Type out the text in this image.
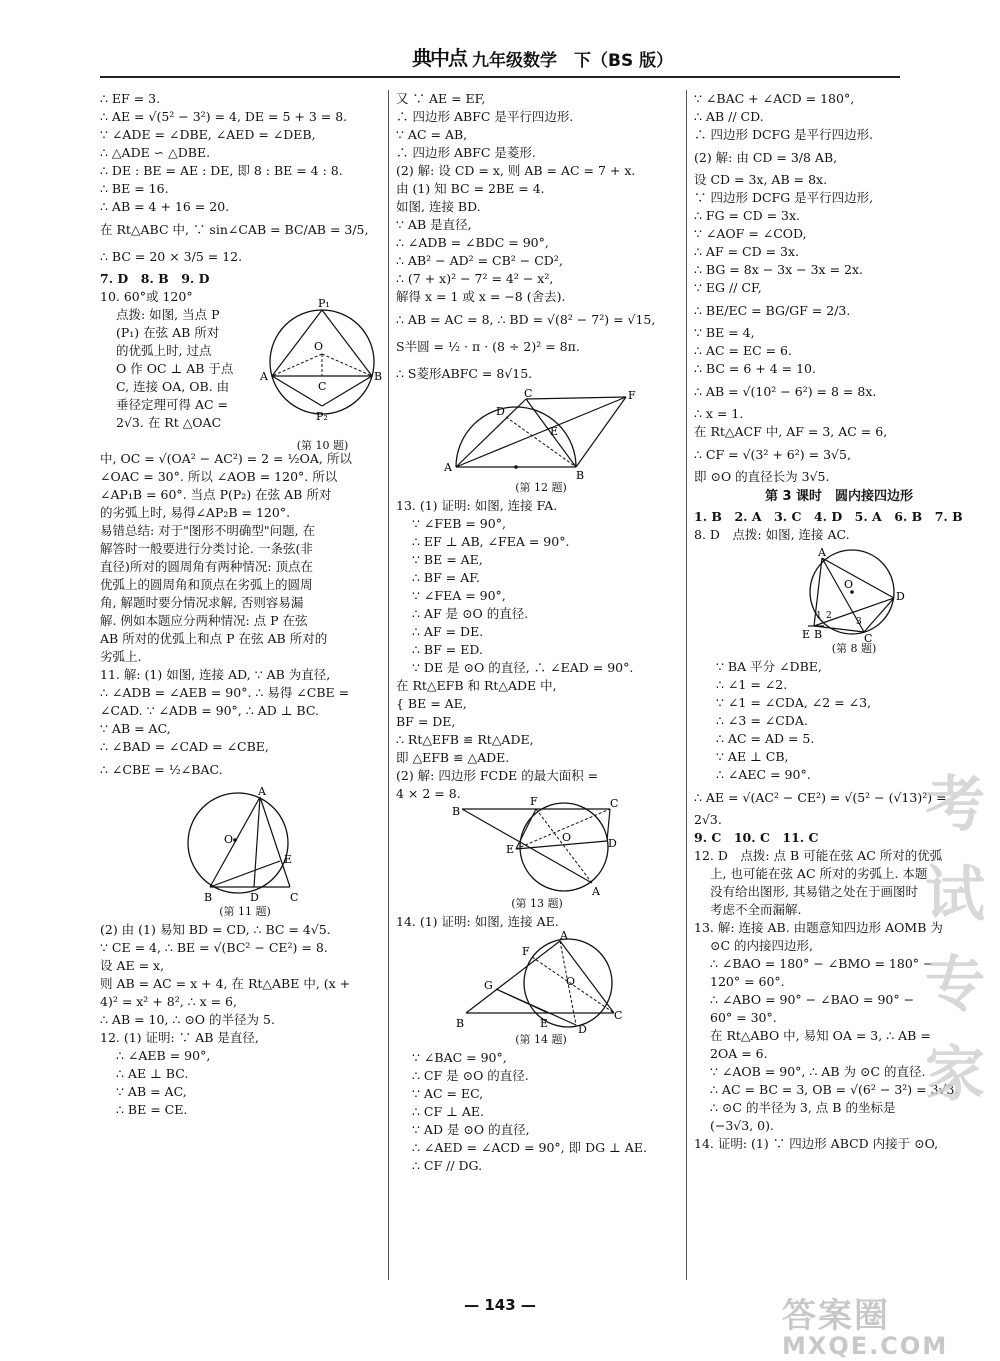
典中点 九年级数学　下（BS 版）
∴ EF = 3.
∴ AE = √(5² − 3²) = 4, DE = 5 + 3 = 8.
∵ ∠ADE = ∠DBE, ∠AED = ∠DEB,
∴ △ADE ∽ △DBE.
∴ DE : BE = AE : DE, 即 8 : BE = 4 : 8.
∴ BE = 16.
∴ AB = 4 + 16 = 20.
在 Rt△ABC 中, ∵ sin∠CAB = BC/AB = 3/5,
∴ BC = 20 × 3/5 = 12.
7. D　8. B　9. D
10. 60°或 120°
点拨: 如图, 当点 P
(P₁) 在弦 AB 所对
的优弧上时, 过点
O 作 OC ⊥ AB 于点
C, 连接 OA, OB. 由
垂径定理可得 AC =
2√3. 在 Rt △OAC
P₁
O
A	B
C
P₂
(第 10 题)
中, OC = √(OA² − AC²) = 2 = ½OA, 所以
∠OAC = 30°. 所以 ∠AOB = 120°. 所以
∠AP₁B = 60°. 当点 P(P₂) 在弦 AB 所对
的劣弧上时, 易得∠AP₂B = 120°.
易错总结: 对于"图形不明确型"问题, 在
解答时一般要进行分类讨论. 一条弦(非
直径)所对的圆周角有两种情况: 顶点在
优弧上的圆周角和顶点在劣弧上的圆周
角, 解题时要分情况求解, 否则容易漏
解. 例如本题应分两种情况: 点 P 在弦
AB 所对的优弧上和点 P 在弦 AB 所对的
劣弧上.
11. 解: (1) 如图, 连接 AD, ∵ AB 为直径,
∴ ∠ADB = ∠AEB = 90°. ∴ 易得 ∠CBE =
∠CAD. ∵ ∠ADB = 90°, ∴ AD ⊥ BC.
∵ AB = AC,
∴ ∠BAD = ∠CAD = ∠CBE,
∴ ∠CBE = ½∠BAC.
A
O
E
B	D	C
(第 11 题)
(2) 由 (1) 易知 BD = CD, ∴ BC = 4√5.
∵ CE = 4, ∴ BE = √(BC² − CE²) = 8.
设 AE = x,
则 AB = AC = x + 4, 在 Rt△ABE 中, (x +
4)² = x² + 8², ∴ x = 6,
∴ AB = 10, ∴ ⊙O 的半径为 5.
12. (1) 证明: ∵ AB 是直径,
∴ ∠AEB = 90°,
∴ AE ⊥ BC.
∵ AB = AC,
∴ BE = CE.
又 ∵ AE = EF,
∴ 四边形 ABFC 是平行四边形.
∵ AC = AB,
∴ 四边形 ABFC 是菱形.
(2) 解: 设 CD = x, 则 AB = AC = 7 + x.
由 (1) 知 BC = 2BE = 4.
如图, 连接 BD.
∵ AB 是直径,
∴ ∠ADB = ∠BDC = 90°,
∴ AB² − AD² = CB² − CD²,
∴ (7 + x)² − 7² = 4² − x²,
解得 x = 1 或 x = −8 (舍去).
∴ AB = AC = 8, ∴ BD = √(8² − 7²) = √15,
S半圆 = ½ · π · (8 ÷ 2)² = 8π.
∴ S菱形ABFC = 8√15.
C	F
D
E
A
B
(第 12 题)
13. (1) 证明: 如图, 连接 FA.
∵ ∠FEB = 90°,
∴ EF ⊥ AB, ∠FEA = 90°.
∵ BE = AE,
∴ BF = AF.
∵ ∠FEA = 90°,
∴ AF 是 ⊙O 的直径.
∴ AF = DE.
∴ BF = ED.
∵ DE 是 ⊙O 的直径, ∴ ∠EAD = 90°.
在 Rt△EFB 和 Rt△ADE 中,
{ BE = AE,
BF = DE,
∴ Rt△EFB ≌ Rt△ADE,
即 △EFB ≌ △ADE.
(2) 解: 四边形 FCDE 的最大面积 =
4 × 2 = 8.
B
F	C
O
E	D
A
(第 13 题)
14. (1) 证明: 如图, 连接 AE.
A
F
G	O
E
B	D
C
(第 14 题)
∵ ∠BAC = 90°,
∴ CF 是 ⊙O 的直径.
∵ AC = EC,
∴ CF ⊥ AE.
∵ AD 是 ⊙O 的直径,
∴ ∠AED = ∠ACD = 90°, 即 DG ⊥ AE.
∴ CF // DG.
∵ ∠BAC + ∠ACD = 180°,
∴ AB // CD.
∴ 四边形 DCFG 是平行四边形.
(2) 解: 由 CD = 3/8 AB,
设 CD = 3x, AB = 8x.
∵ 四边形 DCFG 是平行四边形,
∴ FG = CD = 3x.
∵ ∠AOF = ∠COD,
∴ AF = CD = 3x.
∴ BG = 8x − 3x − 3x = 2x.
∵ EG // CF,
∴ BE/EC = BG/GF = 2/3.
∵ BE = 4,
∴ AC = EC = 6.
∴ BC = 6 + 4 = 10.
∴ AB = √(10² − 6²) = 8 = 8x.
∴ x = 1.
在 Rt△ACF 中, AF = 3, AC = 6,
∴ CF = √(3² + 6²) = 3√5,
即 ⊙O 的直径长为 3√5.
第 3 课时　圆内接四边形
1. B　2. A　3. C　4. D　5. A　6. B　7. B
8. D　点拨: 如图, 连接 AC.
A
O
D
1 2
3
E B	C
(第 8 题)
∵ BA 平分 ∠DBE,
∴ ∠1 = ∠2.
∵ ∠1 = ∠CDA, ∠2 = ∠3,
∴ ∠3 = ∠CDA.
∴ AC = AD = 5.
∵ AE ⊥ CB,
∴ ∠AEC = 90°.
∴ AE = √(AC² − CE²) = √(5² − (√13)²) =
2√3.
9. C　10. C　11. C
12. D　点拨: 点 B 可能在弦 AC 所对的优弧
上, 也可能在弦 AC 所对的劣弧上. 本题
没有给出图形, 其易错之处在于画图时
考虑不全而漏解.
13. 解: 连接 AB. 由题意知四边形 AOMB 为
⊙C 的内接四边形,
∴ ∠BAO = 180° − ∠BMO = 180° −
120° = 60°.
∴ ∠ABO = 90° − ∠BAO = 90° −
60° = 30°.
在 Rt△ABO 中, 易知 OA = 3, ∴ AB =
2OA = 6.
∵ ∠AOB = 90°, ∴ AB 为 ⊙C 的直径.
∴ AC = BC = 3, OB = √(6² − 3²) = 3√3.
∴ ⊙C 的半径为 3, 点 B 的坐标是
(−3√3, 0).
14. 证明: (1) ∵ 四边形 ABCD 内接于 ⊙O,
考 试 专 家
— 143 —	答案圈
MXQE.COM
